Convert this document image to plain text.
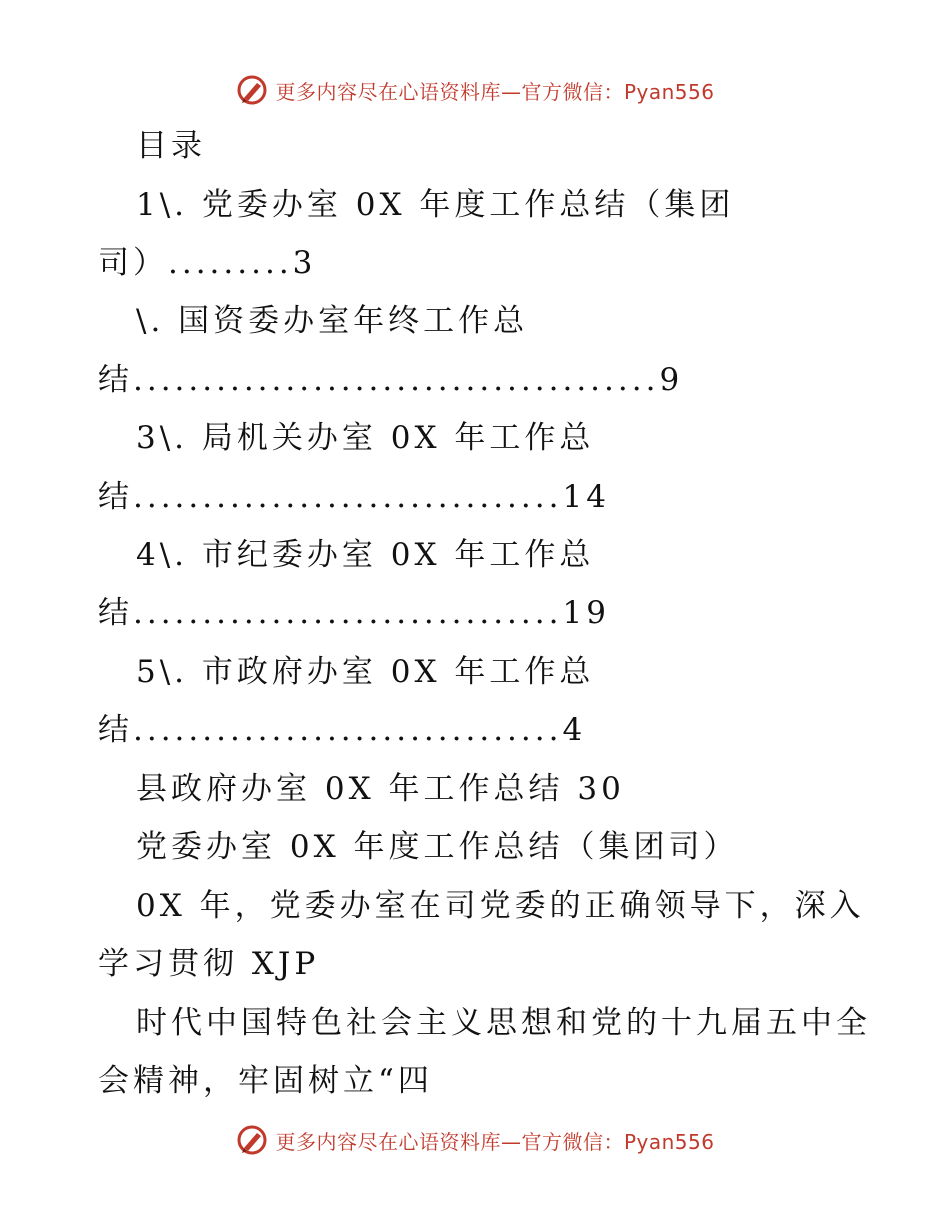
更多内容尽在心语资料库—官方微信：Pyan556
目录
1\. 党委办室 0X 年度工作总结（集团
司）.........3
\. 国资委办室年终工作总
结......................................9
3\. 局机关办室 0X 年工作总
结...............................14
4\. 市纪委办室 0X 年工作总
结...............................19
5\. 市政府办室 0X 年工作总
结...............................4
县政府办室 0X 年工作总结 30
党委办室 0X 年度工作总结（集团司）
0X 年，党委办室在司党委的正确领导下，深入
学习贯彻 XJP
时代中国特色社会主义思想和党的十九届五中全
会精神，牢固树立“四
更多内容尽在心语资料库—官方微信：Pyan556
